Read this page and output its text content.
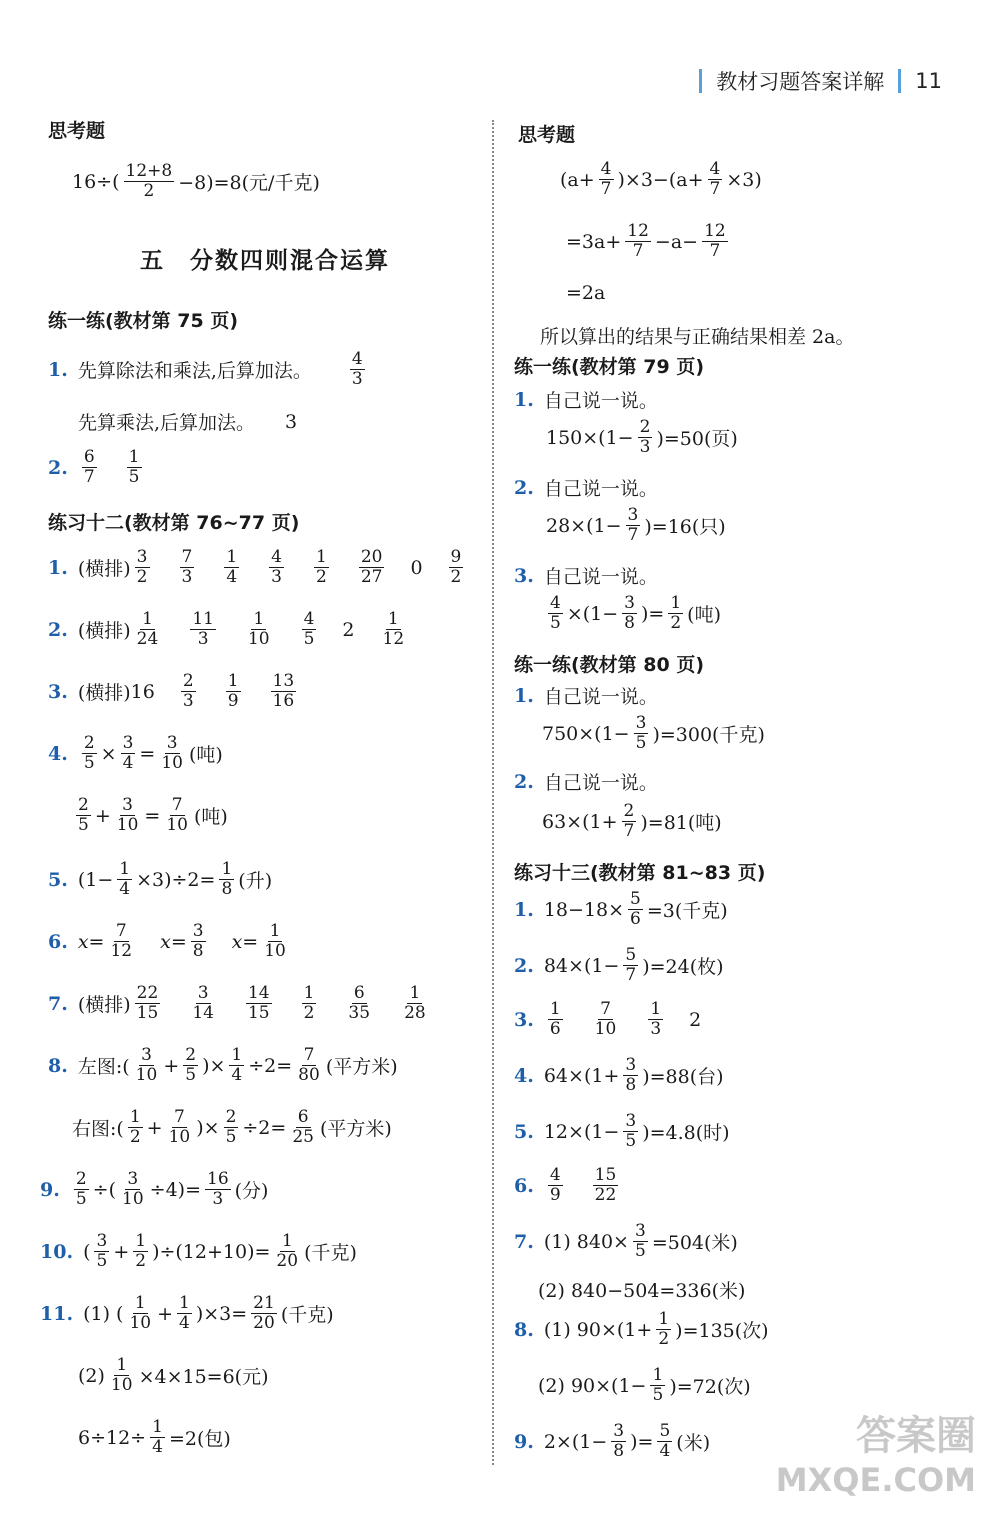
教材习题答案详解 11
思考题
$16\div( \frac{12+8}{2} -8)=8$(元/千克)
五　分数四则混合运算
练一练(教材第 75 页)
1. 先算除法和乘法,后算加法。 $\frac{4}{3}$
先算乘法,后算加法。 3
2. $\frac{6}{7} \frac{1}{5}$
练习十二(教材第 76~77 页)
1. (横排) $\frac{3}{2} \frac{7}{3} \frac{1}{4} \frac{4}{3} \frac{1}{2} \frac{20}{27} 0 \frac{9}{2}$
2. (横排) $\frac{1}{24} \frac{11}{3} \frac{1}{10} \frac{4}{5} 2 \frac{1}{12}$
3. (横排) $16 \frac{2}{3} \frac{1}{9} \frac{13}{16}$
4. $\frac{2}{5} \times \frac{3}{4} = \frac{3}{10}$ (吨)
$\frac{2}{5} + \frac{3}{10} = \frac{7}{10}$ (吨)
5. $(1- \frac{1}{4} \times 3)\div 2= \frac{1}{8}$ (升)
6. $x= \frac{7}{12} x= \frac{3}{8} x= \frac{1}{10}$
7. (横排) $\frac{22}{15} \frac{3}{14} \frac{14}{15} \frac{1}{2} \frac{6}{35} \frac{1}{28}$
8. 左图:( $\frac{3}{10} + \frac{2}{5}$ )× $\frac{1}{4} \div 2= \frac{7}{80}$ (平方米)
右图:( $\frac{1}{2} + \frac{7}{10}$ )× $\frac{2}{5} \div 2= \frac{6}{25}$ (平方米)
9. $\frac{2}{5}$ ÷( $\frac{3}{10} \div 4)= \frac{16}{3}$ (分)
10. ( $\frac{3}{5} + \frac{1}{2} )\div(12+10)= \frac{1}{20}$ (千克)
11. (1) ( $\frac{1}{10} + \frac{1}{4} )\times 3= \frac{21}{20}$ (千克)
$(2) \frac{1}{10} \times 4\times 15=6$(元)
$6\div 12\div \frac{1}{4} =2$(包)
思考题
$(a+ \frac{4}{7} )\times 3-(a+ \frac{4}{7} \times 3)$
$=3a+ \frac{12}{7} -a- \frac{12}{7}$
=2a
所以算出的结果与正确结果相差 2a。
练一练(教材第 79 页)
1. 自己说一说。
$150\times(1- \frac{2}{3} )=50$(页)
2. 自己说一说。
$28\times(1- \frac{3}{7} )=16$(只)
3. 自己说一说。
$\frac{4}{5} \times(1- \frac{3}{8}$ )= $\frac{1}{2}$ (吨)
练一练(教材第 80 页)
1. 自己说一说。
$750\times(1- \frac{3}{5} )=300$(千克)
2. 自己说一说。
$63\times(1+ \frac{2}{7} )=81$(吨)
练习十三(教材第 81~83 页)
1. $18-18\times \frac{5}{6} =3$(千克)
2. $84\times(1- \frac{5}{7} )=24$(枚)
3. $\frac{1}{6} \frac{7}{10} \frac{1}{3} 2$
4. $64\times(1+ \frac{3}{8} )=88$(台)
5. $12\times(1- \frac{3}{5} )=4.8$(时)
6. $\frac{4}{9} \frac{15}{22}$
7. (1) $840\times \frac{3}{5} =504$(米)
(2) 840−504=336(米)
8. (1) $90\times(1+ \frac{1}{2} )=135$(次)
(2) $90\times(1- \frac{1}{5} )=72$(次)
9. $2\times(1- \frac{3}{8}$ )= $\frac{5}{4}$ (米)	答案圈
MXQE.COM
